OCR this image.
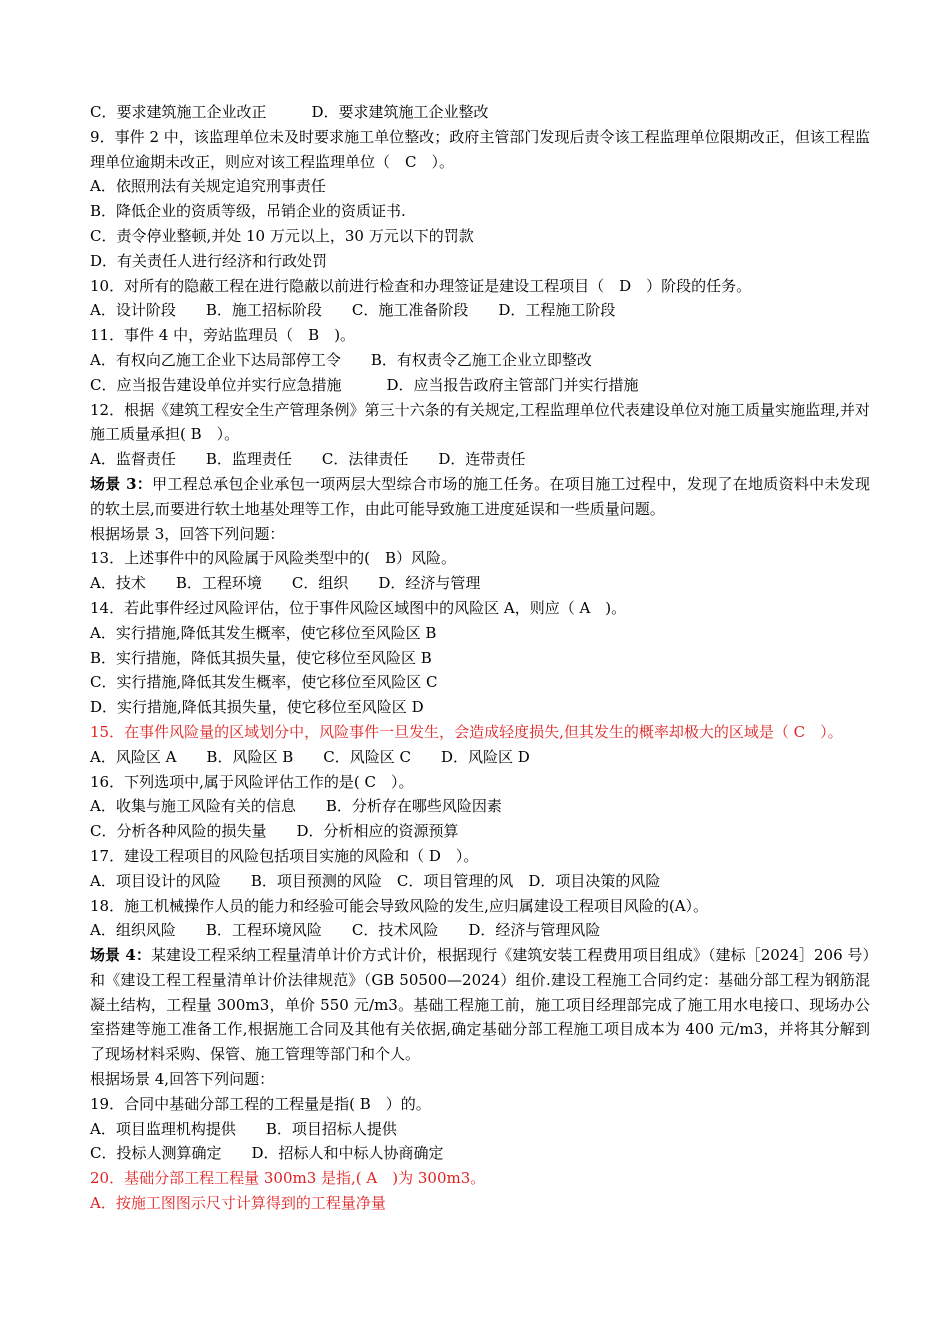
C．要求建筑施工企业改正　　　D．要求建筑施工企业整改
9．事件 2 中，该监理单位未及时要求施工单位整改；政府主管部门发现后责令该工程监理单位限期改正，但该工程监理单位逾期未改正，则应对该工程监理单位（　C　）。
A．依照刑法有关规定追究刑事责任
B．降低企业的资质等级，吊销企业的资质证书.
C．责令停业整顿,并处 10 万元以上，30 万元以下的罚款
D．有关责任人进行经济和行政处罚
10．对所有的隐蔽工程在进行隐蔽以前进行检查和办理签证是建设工程项目（　D　）阶段的任务。
A．设计阶段　　B．施工招标阶段　　C．施工准备阶段　　D．工程施工阶段
11．事件 4 中，旁站监理员（　B　)。
A．有权向乙施工企业下达局部停工令　　B．有权责令乙施工企业立即整改
C．应当报告建设单位并实行应急措施　　　D．应当报告政府主管部门并实行措施
12．根据《建筑工程安全生产管理条例》第三十六条的有关规定,工程监理单位代表建设单位对施工质量实施监理,并对施工质量承担( B　）。
A．监督责任　　B．监理责任　　C．法律责任　　D．连带责任
场景 3：甲工程总承包企业承包一项两层大型综合市场的施工任务。在项目施工过程中，发现了在地质资料中未发现的软土层,而要进行软土地基处理等工作，由此可能导致施工进度延误和一些质量问题。
根据场景 3，回答下列问题：
13．上述事件中的风险属于风险类型中的(　B）风险。
A．技术　　B．工程环境　　C．组织　　D．经济与管理
14．若此事件经过风险评估，位于事件风险区域图中的风险区 A，则应（ A　)。
A．实行措施,降低其发生概率，使它移位至风险区 B
B．实行措施，降低其损失量，使它移位至风险区 B
C．实行措施,降低其发生概率，使它移位至风险区 C
D．实行措施,降低其损失量，使它移位至风险区 D
15．在事件风险量的区域划分中，风险事件一旦发生，会造成轻度损失,但其发生的概率却极大的区域是（ C　）。
A．风险区 A　　B．风险区 B　　C．风险区 C　　D．风险区 D
16．下列选项中,属于风险评估工作的是( C　）。
A．收集与施工风险有关的信息　　B．分析存在哪些风险因素
C．分析各种风险的损失量　　D．分析相应的资源预算
17．建设工程项目的风险包括项目实施的风险和（ D　）。
A．项目设计的风险　　B．项目预测的风险　C．项目管理的风　D．项目决策的风险
18．施工机械操作人员的能力和经验可能会导致风险的发生,应归属建设工程项目风险的(A）。
A．组织风险　　B．工程环境风险　　C．技术风险　　D．经济与管理风险
场景 4：某建设工程采纳工程量清单计价方式计价，根据现行《建筑安装工程费用项目组成》（建标［2024］206 号）和《建设工程工程量清单计价法律规范》（GB 50500—2024）组价.建设工程施工合同约定：基础分部工程为钢筋混凝土结构，工程量 300m3，单价 550 元/m3。基础工程施工前，施工项目经理部完成了施工用水电接口、现场办公室搭建等施工准备工作,根据施工合同及其他有关依据,确定基础分部工程施工项目成本为 400 元/m3，并将其分解到了现场材料采购、保管、施工管理等部门和个人。
根据场景 4,回答下列问题：
19．合同中基础分部工程的工程量是指( B　）的。
A．项目监理机构提供　　B．项目招标人提供
C．投标人测算确定　　D．招标人和中标人协商确定
20．基础分部工程工程量 300m3 是指,( A　)为 300m3。
A．按施工图图示尺寸计算得到的工程量净量
